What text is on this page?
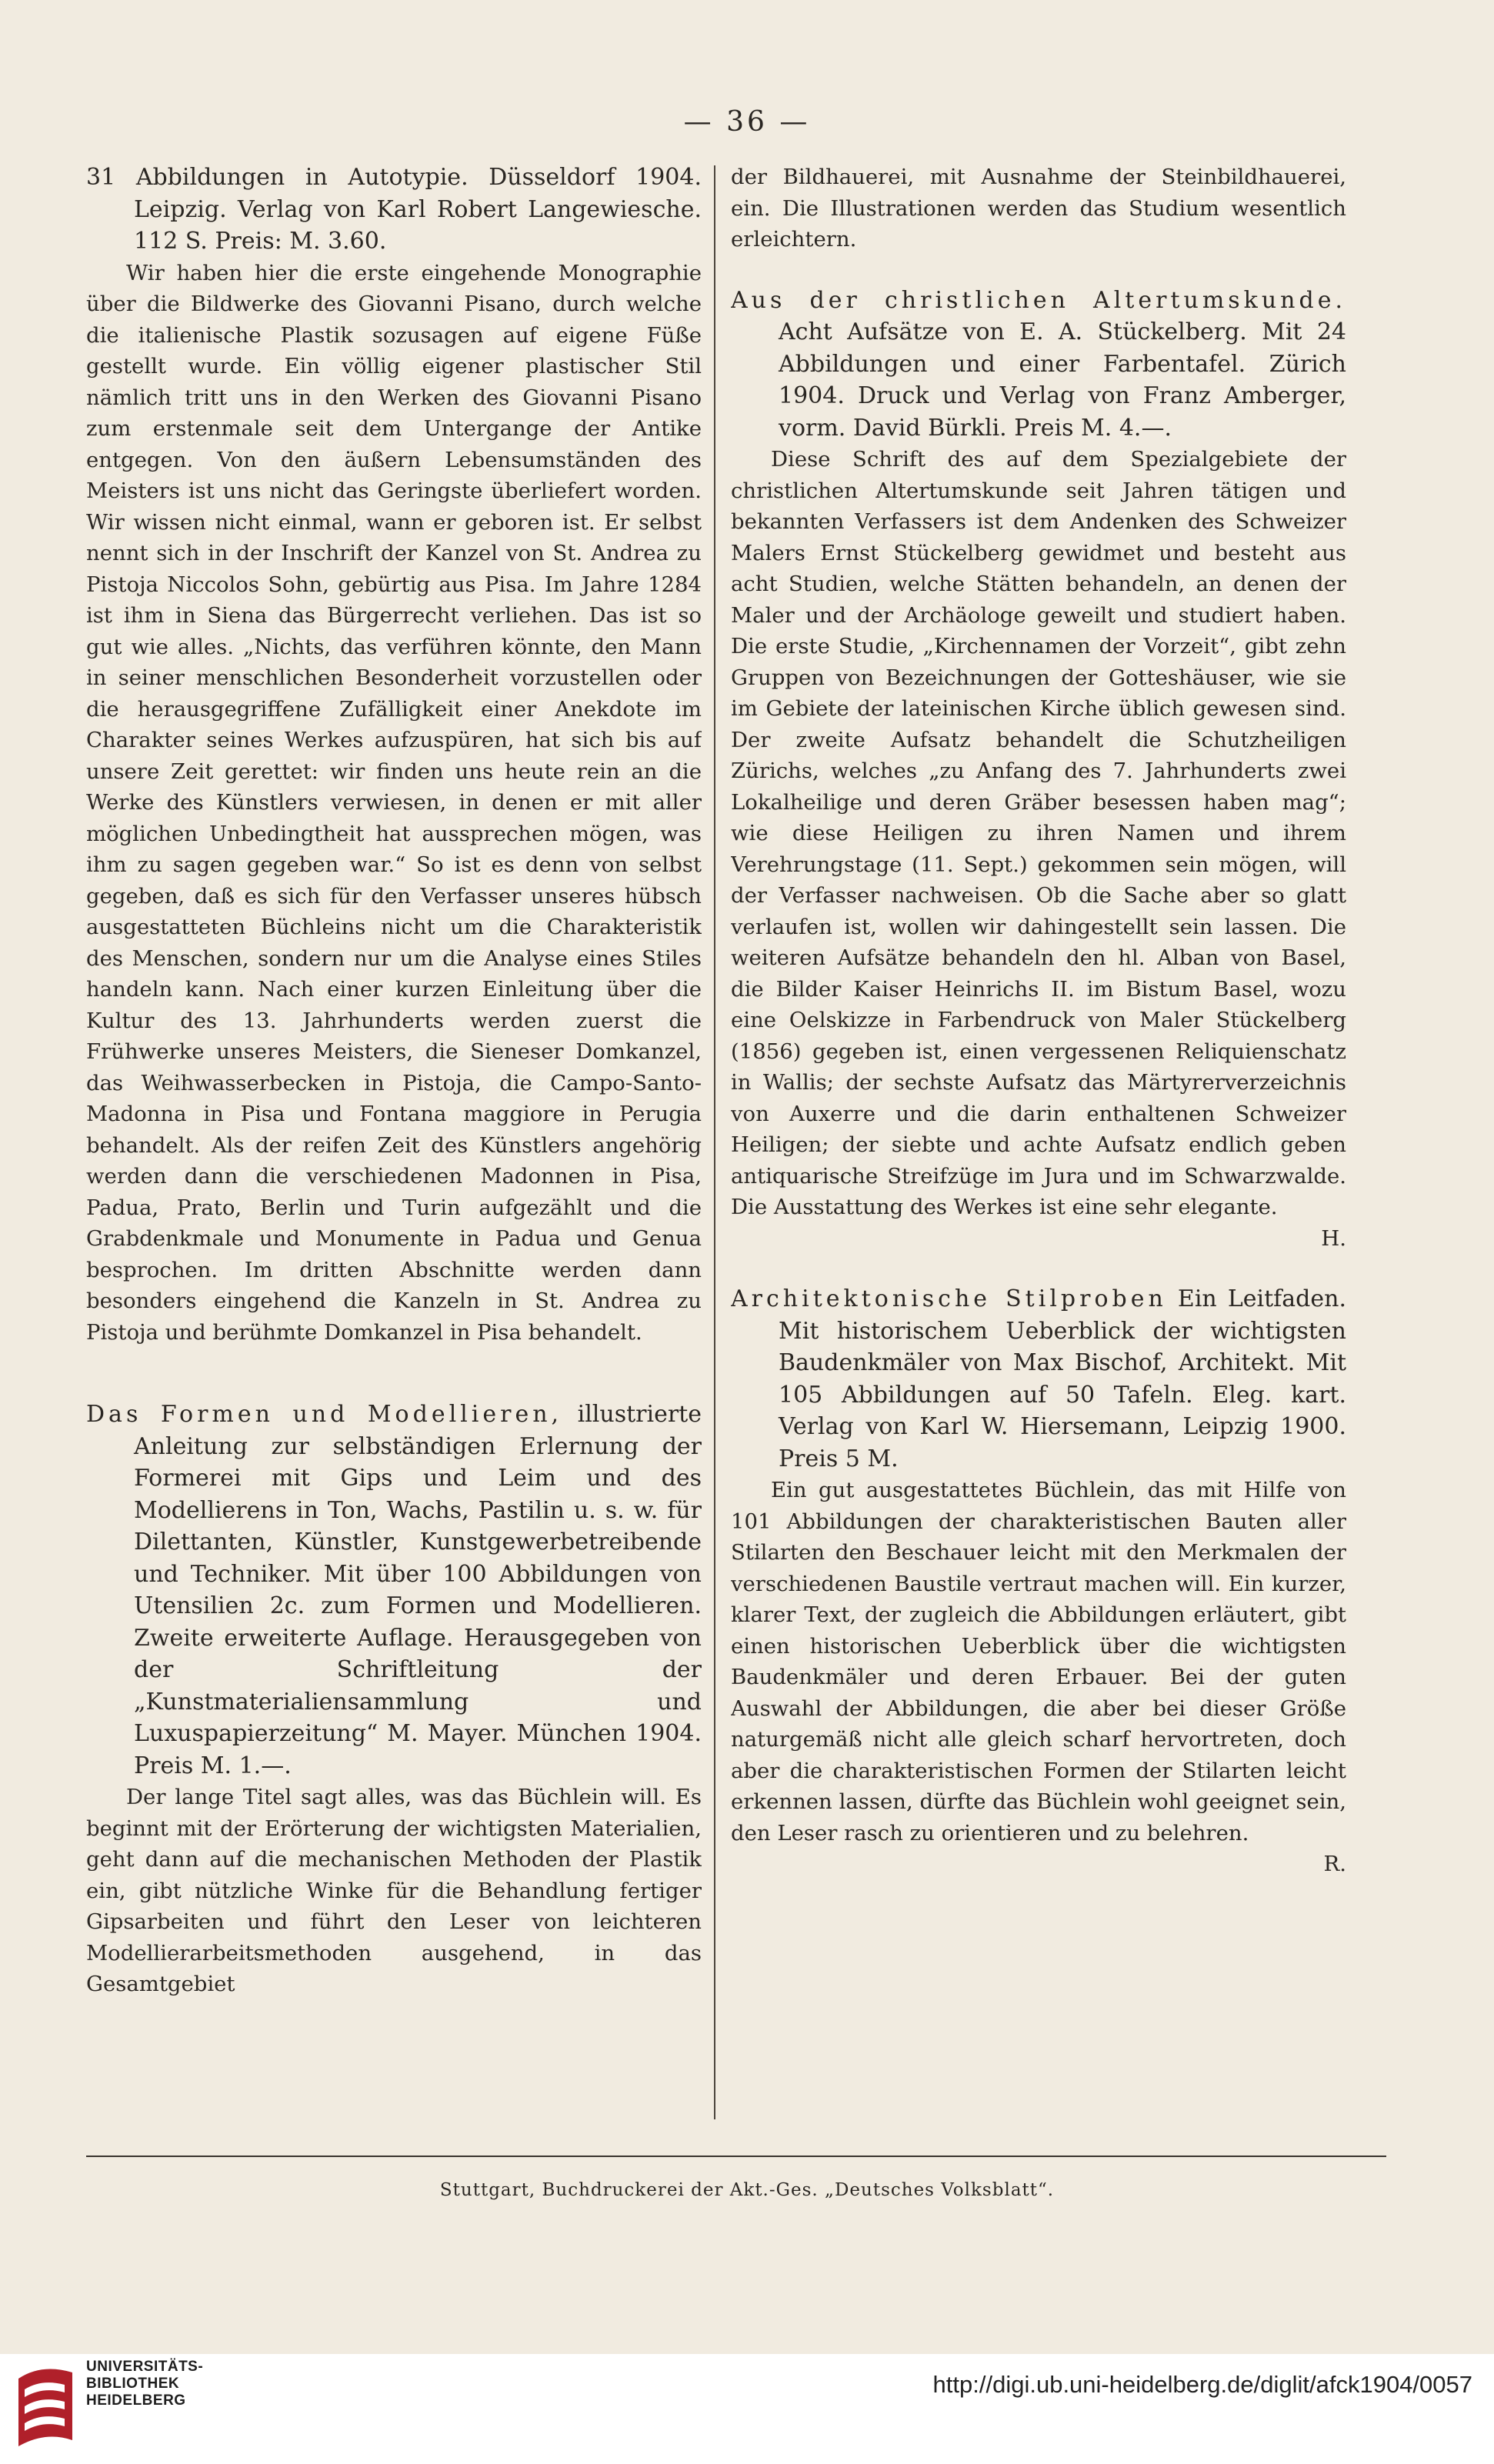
— 36 —

31 Abbildungen in Autotypie. Düsseldorf 1904. Leipzig. Verlag von Karl Robert Langewiesche. 112 S. Preis: M. 3.60.

Wir haben hier die erste eingehende Monographie über die Bildwerke des Giovanni Pisano, durch welche die italienische Plastik sozusagen auf eigene Füße gestellt wurde. Ein völlig eigener plastischer Stil nämlich tritt uns in den Werken des Giovanni Pisano zum erstenmale seit dem Untergange der Antike entgegen. Von den äußern Lebensumständen des Meisters ist uns nicht das Geringste überliefert worden. Wir wissen nicht einmal, wann er geboren ist. Er selbst nennt sich in der Inschrift der Kanzel von St. Andrea zu Pistoja Niccolos Sohn, gebürtig aus Pisa. Im Jahre 1284 ist ihm in Siena das Bürgerrecht verliehen. Das ist so gut wie alles. „Nichts, das verführen könnte, den Mann in seiner menschlichen Besonderheit vorzustellen oder die herausgegriffene Zufälligkeit einer Anekdote im Charakter seines Werkes aufzuspüren, hat sich bis auf unsere Zeit gerettet: wir finden uns heute rein an die Werke des Künstlers verwiesen, in denen er mit aller möglichen Unbedingtheit hat aussprechen mögen, was ihm zu sagen gegeben war.“ So ist es denn von selbst gegeben, daß es sich für den Verfasser unseres hübsch ausgestatteten Büchleins nicht um die Charakteristik des Menschen, sondern nur um die Analyse eines Stiles handeln kann. Nach einer kurzen Einleitung über die Kultur des 13. Jahrhunderts werden zuerst die Frühwerke unseres Meisters, die Sieneser Domkanzel, das Weihwasserbecken in Pistoja, die Campo-Santo-Madonna in Pisa und Fontana maggiore in Perugia behandelt. Als der reifen Zeit des Künstlers angehörig werden dann die verschiedenen Madonnen in Pisa, Padua, Prato, Berlin und Turin aufgezählt und die Grabdenkmale und Monumente in Padua und Genua besprochen. Im dritten Abschnitte werden dann besonders eingehend die Kanzeln in St. Andrea zu Pistoja und berühmte Domkanzel in Pisa behandelt.

Das Formen und Modellieren, illustrierte Anleitung zur selbständigen Erlernung der Formerei mit Gips und Leim und des Modellierens in Ton, Wachs, Pastilin u. s. w. für Dilettanten, Künstler, Kunstgewerbetreibende und Techniker. Mit über 100 Abbildungen von Utensilien 2c. zum Formen und Modellieren. Zweite erweiterte Auflage. Herausgegeben von der Schriftleitung der „Kunstmaterialiensammlung und Luxuspapierzeitung“ M. Mayer. München 1904. Preis M. 1.—.

Der lange Titel sagt alles, was das Büchlein will. Es beginnt mit der Erörterung der wichtigsten Materialien, geht dann auf die mechanischen Methoden der Plastik ein, gibt nützliche Winke für die Behandlung fertiger Gipsarbeiten und führt den Leser von leichteren Modellierarbeitsmethoden ausgehend, in das Gesamtgebiet

der Bildhauerei, mit Ausnahme der Steinbildhauerei, ein. Die Illustrationen werden das Studium wesentlich erleichtern.

Aus der christlichen Altertumskunde. Acht Aufsätze von E. A. Stückelberg. Mit 24 Abbildungen und einer Farbentafel. Zürich 1904. Druck und Verlag von Franz Amberger, vorm. David Bürkli. Preis M. 4.—.

Diese Schrift des auf dem Spezialgebiete der christlichen Altertumskunde seit Jahren tätigen und bekannten Verfassers ist dem Andenken des Schweizer Malers Ernst Stückelberg gewidmet und besteht aus acht Studien, welche Stätten behandeln, an denen der Maler und der Archäologe geweilt und studiert haben. Die erste Studie, „Kirchennamen der Vorzeit“, gibt zehn Gruppen von Bezeichnungen der Gotteshäuser, wie sie im Gebiete der lateinischen Kirche üblich gewesen sind. Der zweite Aufsatz behandelt die Schutzheiligen Zürichs, welches „zu Anfang des 7. Jahrhunderts zwei Lokalheilige und deren Gräber besessen haben mag“; wie diese Heiligen zu ihren Namen und ihrem Verehrungstage (11. Sept.) gekommen sein mögen, will der Verfasser nachweisen. Ob die Sache aber so glatt verlaufen ist, wollen wir dahingestellt sein lassen. Die weiteren Aufsätze behandeln den hl. Alban von Basel, die Bilder Kaiser Heinrichs II. im Bistum Basel, wozu eine Oelskizze in Farbendruck von Maler Stückelberg (1856) gegeben ist, einen vergessenen Reliquienschatz in Wallis; der sechste Aufsatz das Märtyrerverzeichnis von Auxerre und die darin enthaltenen Schweizer Heiligen; der siebte und achte Aufsatz endlich geben antiquarische Streifzüge im Jura und im Schwarzwalde. Die Ausstattung des Werkes ist eine sehr elegante.

H.

Architektonische Stilproben Ein Leitfaden. Mit historischem Ueberblick der wichtigsten Baudenkmäler von Max Bischof, Architekt. Mit 105 Abbildungen auf 50 Tafeln. Eleg. kart. Verlag von Karl W. Hiersemann, Leipzig 1900. Preis 5 M.

Ein gut ausgestattetes Büchlein, das mit Hilfe von 101 Abbildungen der charakteristischen Bauten aller Stilarten den Beschauer leicht mit den Merkmalen der verschiedenen Baustile vertraut machen will. Ein kurzer, klarer Text, der zugleich die Abbildungen erläutert, gibt einen historischen Ueberblick über die wichtigsten Baudenkmäler und deren Erbauer. Bei der guten Auswahl der Abbildungen, die aber bei dieser Größe naturgemäß nicht alle gleich scharf hervortreten, doch aber die charakteristischen Formen der Stilarten leicht erkennen lassen, dürfte das Büchlein wohl geeignet sein, den Leser rasch zu orientieren und zu belehren.

R.

Stuttgart, Buchdruckerei der Akt.-Ges. „Deutsches Volksblatt“.
UNIVERSITÄTS-
BIBLIOTHEK
HEIDELBERG
http://digi.ub.uni-heidelberg.de/diglit/afck1904/0057
